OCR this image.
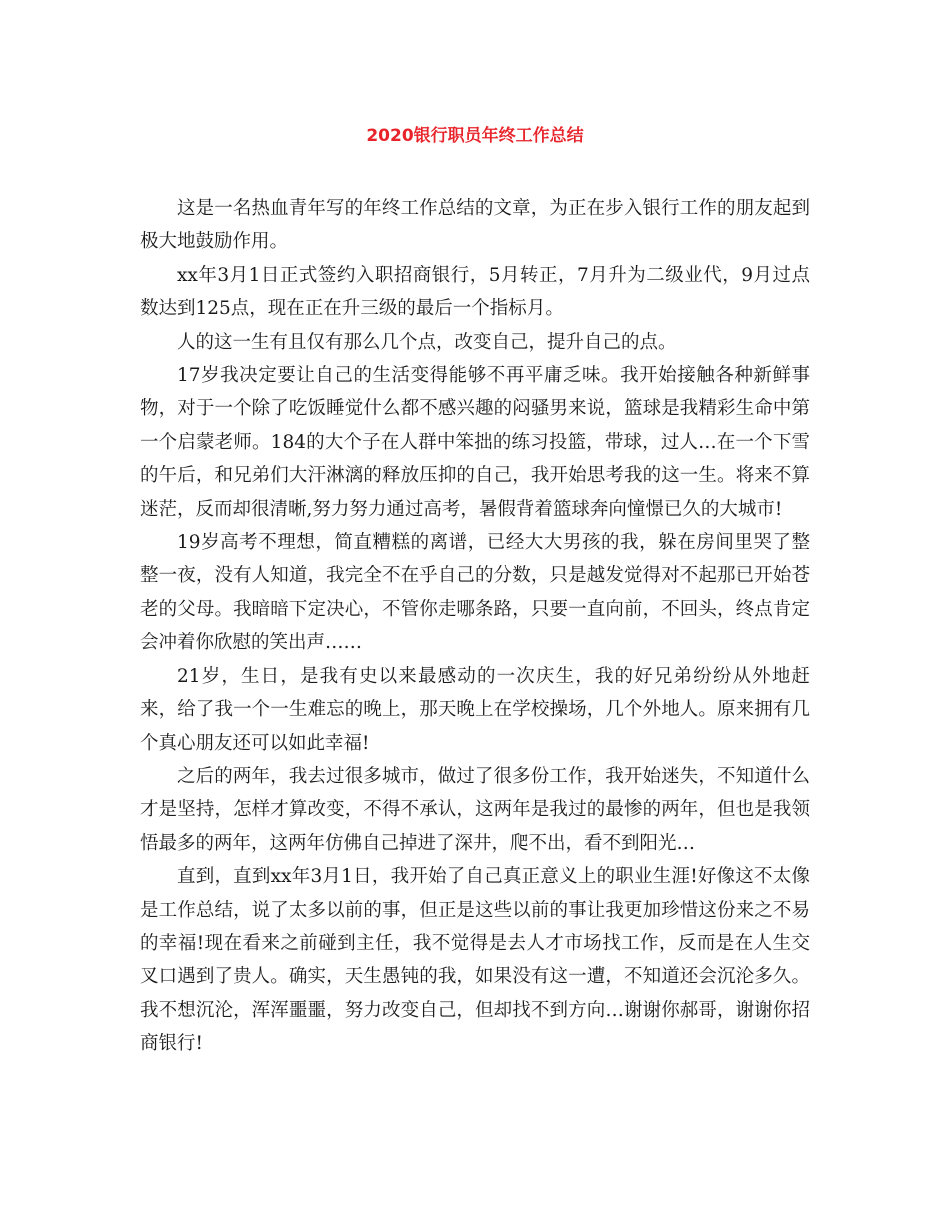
2020银行职员年终工作总结

这是一名热血青年写的年终工作总结的文章，为正在步入银行工作的朋友起到极大地鼓励作用。

xx年3月1日正式签约入职招商银行，5月转正，7月升为二级业代，9月过点数达到125点，现在正在升三级的最后一个指标月。

人的这一生有且仅有那么几个点，改变自己，提升自己的点。

17岁我决定要让自己的生活变得能够不再平庸乏味。我开始接触各种新鲜事物，对于一个除了吃饭睡觉什么都不感兴趣的闷骚男来说，篮球是我精彩生命中第一个启蒙老师。184的大个子在人群中笨拙的练习投篮，带球，过人…在一个下雪的午后，和兄弟们大汗淋漓的释放压抑的自己，我开始思考我的这一生。将来不算迷茫，反而却很清晰,努力努力通过高考，暑假背着篮球奔向憧憬已久的大城市!

19岁高考不理想，简直糟糕的离谱，已经大大男孩的我，躲在房间里哭了整整一夜，没有人知道，我完全不在乎自己的分数，只是越发觉得对不起那已开始苍老的父母。我暗暗下定决心，不管你走哪条路，只要一直向前，不回头，终点肯定会冲着你欣慰的笑出声……

21岁，生日，是我有史以来最感动的一次庆生，我的好兄弟纷纷从外地赶来，给了我一个一生难忘的晚上，那天晚上在学校操场，几个外地人。原来拥有几个真心朋友还可以如此幸福!

之后的两年，我去过很多城市，做过了很多份工作，我开始迷失，不知道什么才是坚持，怎样才算改变，不得不承认，这两年是我过的最惨的两年，但也是我领悟最多的两年，这两年仿佛自己掉进了深井，爬不出，看不到阳光…

直到，直到xx年3月1日，我开始了自己真正意义上的职业生涯!好像这不太像是工作总结，说了太多以前的事，但正是这些以前的事让我更加珍惜这份来之不易的幸福!现在看来之前碰到主任，我不觉得是去人才市场找工作，反而是在人生交叉口遇到了贵人。确实，天生愚钝的我，如果没有这一遭，不知道还会沉沦多久。我不想沉沦，浑浑噩噩，努力改变自己，但却找不到方向…谢谢你郝哥，谢谢你招商银行!
